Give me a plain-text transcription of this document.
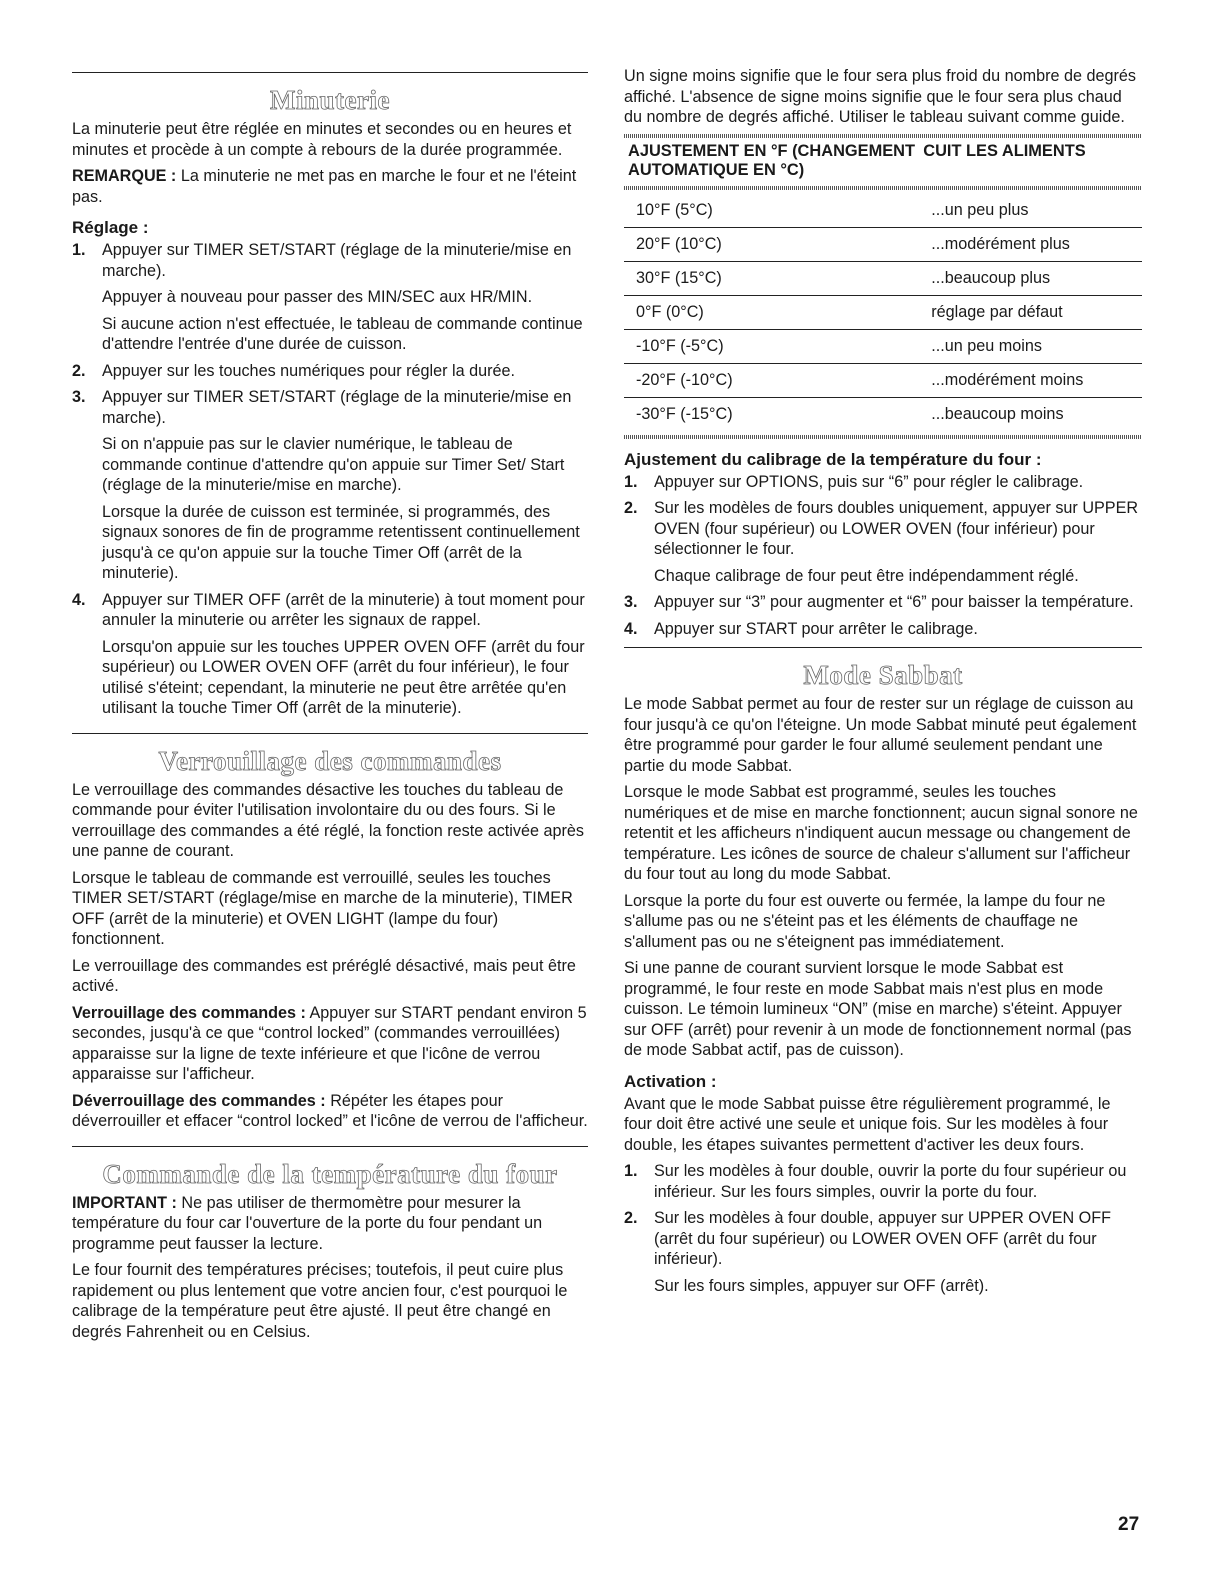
Minuterie

La minuterie peut être réglée en minutes et secondes ou en heures et minutes et procède à un compte à rebours de la durée programmée.

REMARQUE : La minuterie ne met pas en marche le four et ne l'éteint pas.

Réglage :
1. Appuyer sur TIMER SET/START (réglage de la minuterie/mise en marche).

Appuyer à nouveau pour passer des MIN/SEC aux HR/MIN.

Si aucune action n'est effectuée, le tableau de commande continue d'attendre l'entrée d'une durée de cuisson.

2. Appuyer sur les touches numériques pour régler la durée.

3. Appuyer sur TIMER SET/START (réglage de la minuterie/mise en marche).

Si on n'appuie pas sur le clavier numérique, le tableau de commande continue d'attendre qu'on appuie sur Timer Set/ Start (réglage de la minuterie/mise en marche).

Lorsque la durée de cuisson est terminée, si programmés, des signaux sonores de fin de programme retentissent continuellement jusqu'à ce qu'on appuie sur la touche Timer Off (arrêt de la minuterie).

4. Appuyer sur TIMER OFF (arrêt de la minuterie) à tout moment pour annuler la minuterie ou arrêter les signaux de rappel.

Lorsqu'on appuie sur les touches UPPER OVEN OFF (arrêt du four supérieur) ou LOWER OVEN OFF (arrêt du four inférieur), le four utilisé s'éteint; cependant, la minuterie ne peut être arrêtée qu'en utilisant la touche Timer Off (arrêt de la minuterie).

Verrouillage des commandes

Le verrouillage des commandes désactive les touches du tableau de commande pour éviter l'utilisation involontaire du ou des fours. Si le verrouillage des commandes a été réglé, la fonction reste activée après une panne de courant.

Lorsque le tableau de commande est verrouillé, seules les touches TIMER SET/START (réglage/mise en marche de la minuterie), TIMER OFF (arrêt de la minuterie) et OVEN LIGHT (lampe du four) fonctionnent.

Le verrouillage des commandes est préréglé désactivé, mais peut être activé.

Verrouillage des commandes : Appuyer sur START pendant environ 5 secondes, jusqu'à ce que “control locked” (commandes verrouillées) apparaisse sur la ligne de texte inférieure et que l'icône de verrou apparaisse sur l'afficheur.

Déverrouillage des commandes : Répéter les étapes pour déverrouiller et effacer “control locked” et l'icône de verrou de l'afficheur.

Commande de la température du four

IMPORTANT : Ne pas utiliser de thermomètre pour mesurer la température du four car l'ouverture de la porte du four pendant un programme peut fausser la lecture.

Le four fournit des températures précises; toutefois, il peut cuire plus rapidement ou plus lentement que votre ancien four, c'est pourquoi le calibrage de la température peut être ajusté. Il peut être changé en degrés Fahrenheit ou en Celsius.

Un signe moins signifie que le four sera plus froid du nombre de degrés affiché. L'absence de signe moins signifie que le four sera plus chaud du nombre de degrés affiché. Utiliser le tableau suivant comme guide.

AJUSTEMENT EN °F (CHANGEMENT AUTOMATIQUE EN °C)	CUIT LES ALIMENTS

10°F (5°C)	...un peu plus
20°F (10°C)	...modérément plus
30°F (15°C)	...beaucoup plus
0°F (0°C)	réglage par défaut
-10°F (-5°C)	...un peu moins
-20°F (-10°C)	...modérément moins
-30°F (-15°C)	...beaucoup moins
Ajustement du calibrage de la température du four :
1. Appuyer sur OPTIONS, puis sur “6” pour régler le calibrage.

2. Sur les modèles de fours doubles uniquement, appuyer sur UPPER OVEN (four supérieur) ou LOWER OVEN (four inférieur) pour sélectionner le four.

Chaque calibrage de four peut être indépendamment réglé.

3. Appuyer sur “3” pour augmenter et “6” pour baisser la température.

4. Appuyer sur START pour arrêter le calibrage.

Mode Sabbat

Le mode Sabbat permet au four de rester sur un réglage de cuisson au four jusqu'à ce qu'on l'éteigne. Un mode Sabbat minuté peut également être programmé pour garder le four allumé seulement pendant une partie du mode Sabbat.

Lorsque le mode Sabbat est programmé, seules les touches numériques et de mise en marche fonctionnent; aucun signal sonore ne retentit et les afficheurs n'indiquent aucun message ou changement de température. Les icônes de source de chaleur s'allument sur l'afficheur du four tout au long du mode Sabbat.

Lorsque la porte du four est ouverte ou fermée, la lampe du four ne s'allume pas ou ne s'éteint pas et les éléments de chauffage ne s'allument pas ou ne s'éteignent pas immédiatement.

Si une panne de courant survient lorsque le mode Sabbat est programmé, le four reste en mode Sabbat mais n'est plus en mode cuisson. Le témoin lumineux “ON” (mise en marche) s'éteint. Appuyer sur OFF (arrêt) pour revenir à un mode de fonctionnement normal (pas de mode Sabbat actif, pas de cuisson).

Activation :

Avant que le mode Sabbat puisse être régulièrement programmé, le four doit être activé une seule et unique fois. Sur les modèles à four double, les étapes suivantes permettent d'activer les deux fours.

1. Sur les modèles à four double, ouvrir la porte du four supérieur ou inférieur. Sur les fours simples, ouvrir la porte du four.

2. Sur les modèles à four double, appuyer sur UPPER OVEN OFF (arrêt du four supérieur) ou LOWER OVEN OFF (arrêt du four inférieur).

Sur les fours simples, appuyer sur OFF (arrêt).

27
